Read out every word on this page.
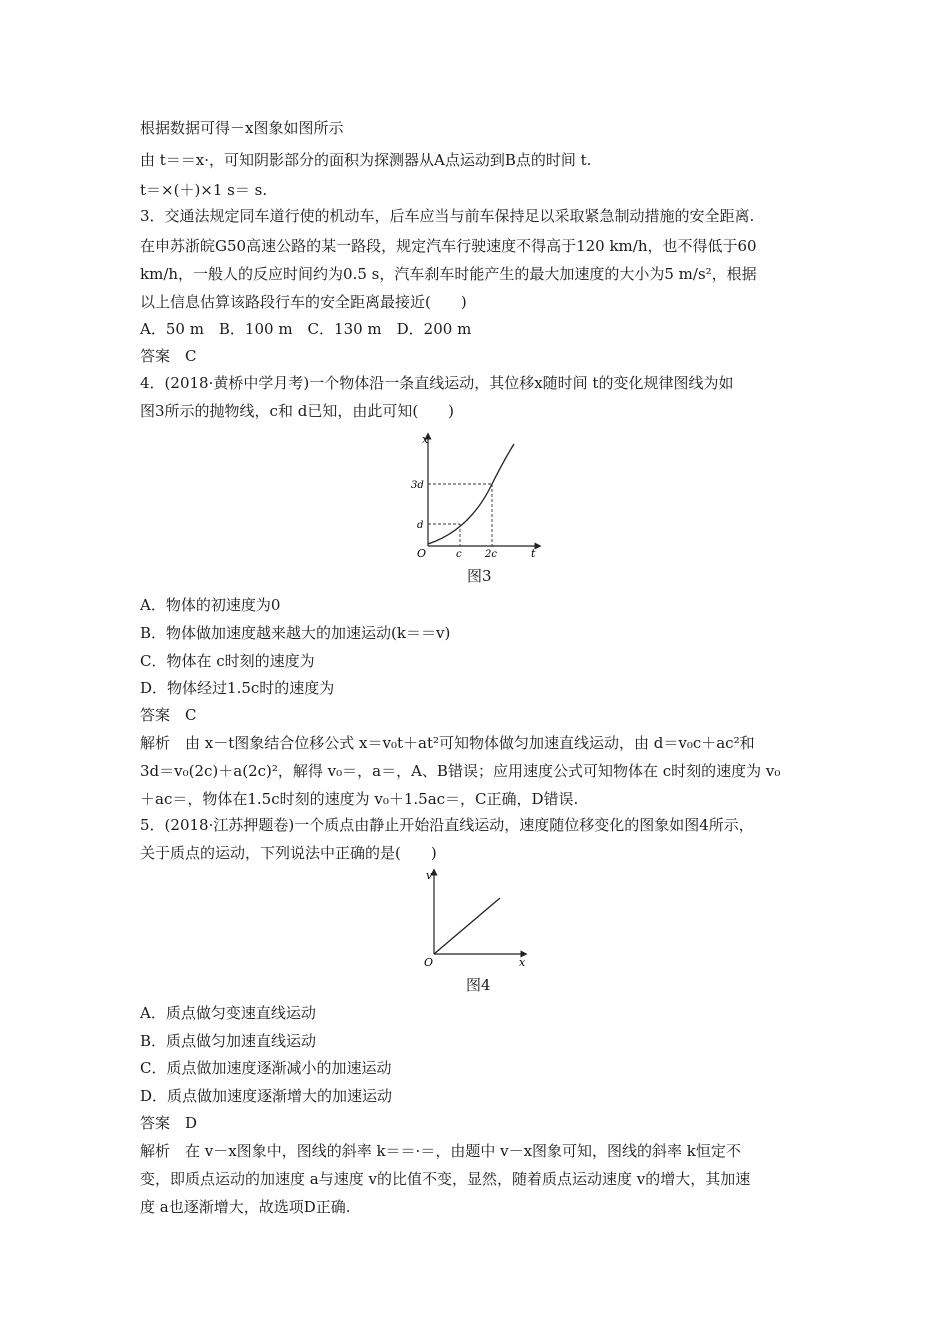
根据数据可得－x图象如图所示
由 t＝＝x·，可知阴影部分的面积为探测器从A点运动到B点的时间 t.
t＝×(＋)×1 s＝ s.
3．交通法规定同车道行使的机动车，后车应当与前车保持足以采取紧急制动措施的安全距离.
在申苏浙皖G50高速公路的某一路段，规定汽车行驶速度不得高于120 km/h，也不得低于60
km/h，一般人的反应时间约为0.5 s，汽车刹车时能产生的最大加速度的大小为5 m/s²，根据
以上信息估算该路段行车的安全距离最接近(　　)
A．50 m　B．100 m　C．130 m　D．200 m
答案　C
4．(2018·黄桥中学月考)一个物体沿一条直线运动，其位移x随时间 t的变化规律图线为如
图3所示的抛物线，c和 d已知，由此可知(　　)
x
t
O
d
3d
c 2c
图3
A．物体的初速度为0
B．物体做加速度越来越大的加速运动(k＝＝v)
C．物体在 c时刻的速度为
D．物体经过1.5c时的速度为
答案　C
解析　由 x－t图象结合位移公式 x＝v₀t＋at²可知物体做匀加速直线运动，由 d＝v₀c＋ac²和
3d＝v₀(2c)＋a(2c)²，解得 v₀＝，a＝，A、B错误；应用速度公式可知物体在 c时刻的速度为 v₀
＋ac＝，物体在1.5c时刻的速度为 v₀＋1.5ac＝，C正确，D错误.
5．(2018·江苏押题卷)一个质点由静止开始沿直线运动，速度随位移变化的图象如图4所示，
关于质点的运动，下列说法中正确的是(　　)
v
x
O
图4
A．质点做匀变速直线运动
B．质点做匀加速直线运动
C．质点做加速度逐渐减小的加速运动
D．质点做加速度逐渐增大的加速运动
答案　D
解析　在 v－x图象中，图线的斜率 k＝＝·＝，由题中 v－x图象可知，图线的斜率 k恒定不
变，即质点运动的加速度 a与速度 v的比值不变，显然，随着质点运动速度 v的增大，其加速
度 a也逐渐增大，故选项D正确.
